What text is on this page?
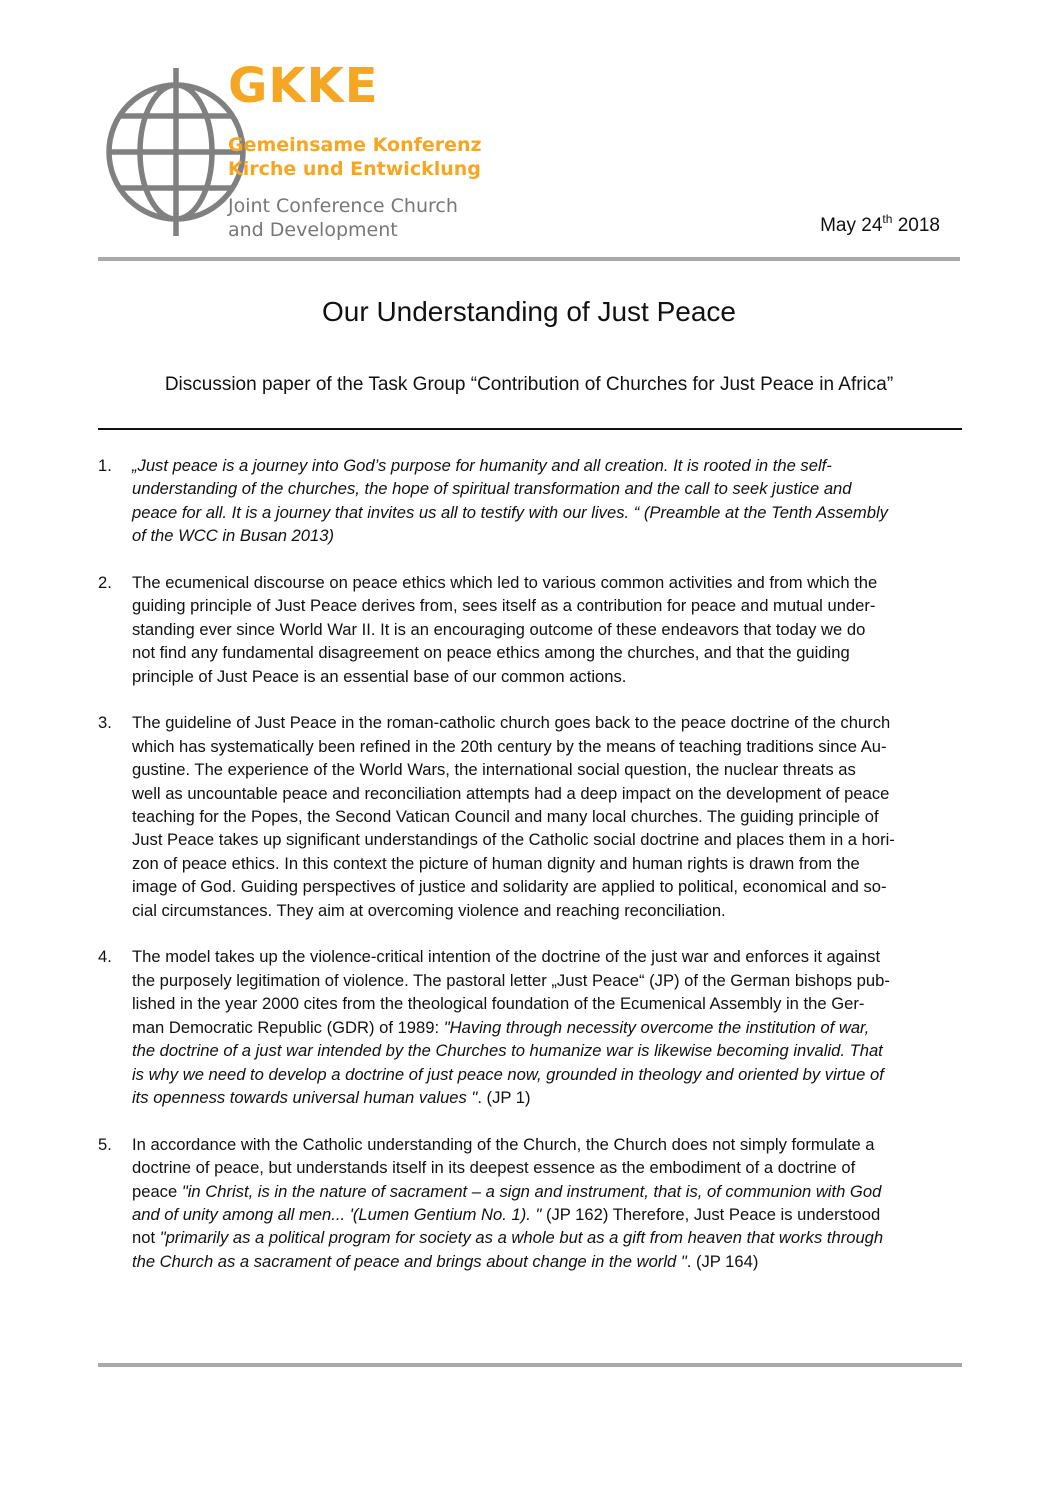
GKKE
Gemeinsame Konferenz
Kirche und Entwicklung
Joint Conference Church
and Development	May 24th 2018
Our Understanding of Just Peace
Discussion paper of the Task Group “Contribution of Churches for Just Peace in Africa”
1. „Just peace is a journey into God’s purpose for humanity and all creation. It is rooted in the self-
understanding of the churches, the hope of spiritual transformation and the call to seek justice and
peace for all. It is a journey that invites us all to testify with our lives. “ (Preamble at the Tenth Assembly
of the WCC in Busan 2013)
2. The ecumenical discourse on peace ethics which led to various common activities and from which the
guiding principle of Just Peace derives from, sees itself as a contribution for peace and mutual under-
standing ever since World War II. It is an encouraging outcome of these endeavors that today we do
not find any fundamental disagreement on peace ethics among the churches, and that the guiding
principle of Just Peace is an essential base of our common actions.
3. The guideline of Just Peace in the roman-catholic church goes back to the peace doctrine of the church
which has systematically been refined in the 20th century by the means of teaching traditions since Au-
gustine. The experience of the World Wars, the international social question, the nuclear threats as
well as uncountable peace and reconciliation attempts had a deep impact on the development of peace
teaching for the Popes, the Second Vatican Council and many local churches. The guiding principle of
Just Peace takes up significant understandings of the Catholic social doctrine and places them in a hori-
zon of peace ethics. In this context the picture of human dignity and human rights is drawn from the
image of God. Guiding perspectives of justice and solidarity are applied to political, economical and so-
cial circumstances. They aim at overcoming violence and reaching reconciliation.
4. The model takes up the violence-critical intention of the doctrine of the just war and enforces it against
the purposely legitimation of violence. The pastoral letter „Just Peace“ (JP) of the German bishops pub-
lished in the year 2000 cites from the theological foundation of the Ecumenical Assembly in the Ger-
man Democratic Republic (GDR) of 1989: "Having through necessity overcome the institution of war,
the doctrine of a just war intended by the Churches to humanize war is likewise becoming invalid. That
is why we need to develop a doctrine of just peace now, grounded in theology and oriented by virtue of
its openness towards universal human values ". (JP 1)
5. In accordance with the Catholic understanding of the Church, the Church does not simply formulate a
doctrine of peace, but understands itself in its deepest essence as the embodiment of a doctrine of
peace "in Christ, is in the nature of sacrament – a sign and instrument, that is, of communion with God
and of unity among all men... '(Lumen Gentium No. 1). " (JP 162) Therefore, Just Peace is understood
not "primarily as a political program for society as a whole but as a gift from heaven that works through
the Church as a sacrament of peace and brings about change in the world ". (JP 164)
